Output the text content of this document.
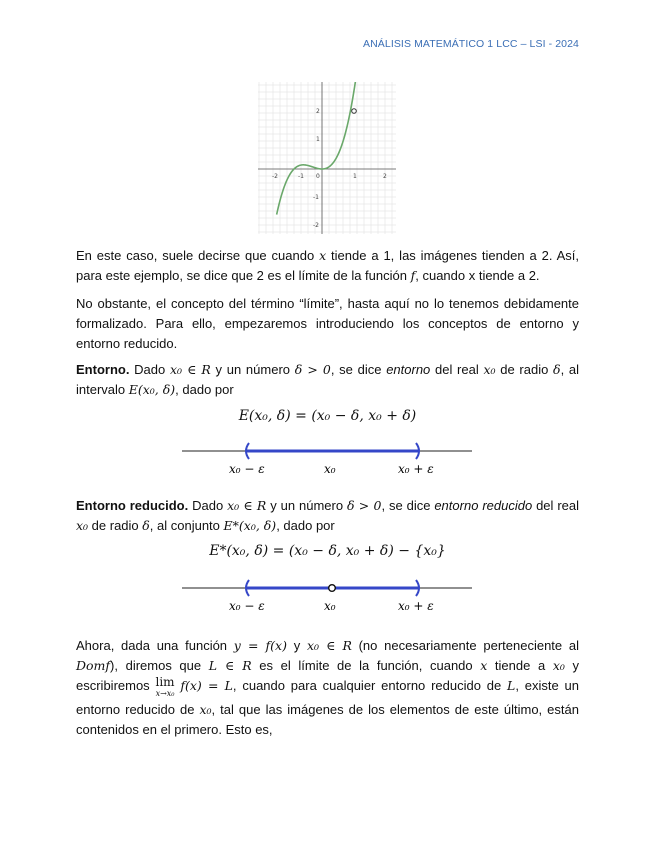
ANÁLISIS MATEMÁTICO 1 LCC – LSI - 2024
-2	-1 0	1	2
2
1
-1
-2

En este caso, suele decirse que cuando x tiende a 1, las imágenes tienden a 2. Así, para este ejemplo, se dice que 2 es el límite de la función f, cuando x tiende a 2.

No obstante, el concepto del término “límite”, hasta aquí no lo tenemos debidamente formalizado. Para ello, empezaremos introduciendo los conceptos de entorno y entorno reducido.

Entorno. Dado x₀ ∈ R y un número δ > 0, se dice entorno del real x₀ de radio δ, al intervalo E(x₀, δ), dado por

E(x₀, δ) = (x₀ − δ, x₀ + δ)
x₀ − ε	x₀	x₀ + ε

Entorno reducido. Dado x₀ ∈ R y un número δ > 0, se dice entorno reducido del real x₀ de radio δ, al conjunto E*(x₀, δ), dado por

E*(x₀, δ) = (x₀ − δ, x₀ + δ) − {x₀}
x₀ − ε	x₀	x₀ + ε

Ahora, dada una función y = f(x) y x₀ ∈ R (no necesariamente perteneciente al Domf), diremos que L ∈ R es el límite de la función, cuando x tiende a x₀ y escribiremos lim
x→x₀
f(x) = L, cuando para cualquier entorno reducido de L, existe un entorno reducido de x₀, tal que las imágenes de los elementos de este último, están contenidos en el primero. Esto es,
